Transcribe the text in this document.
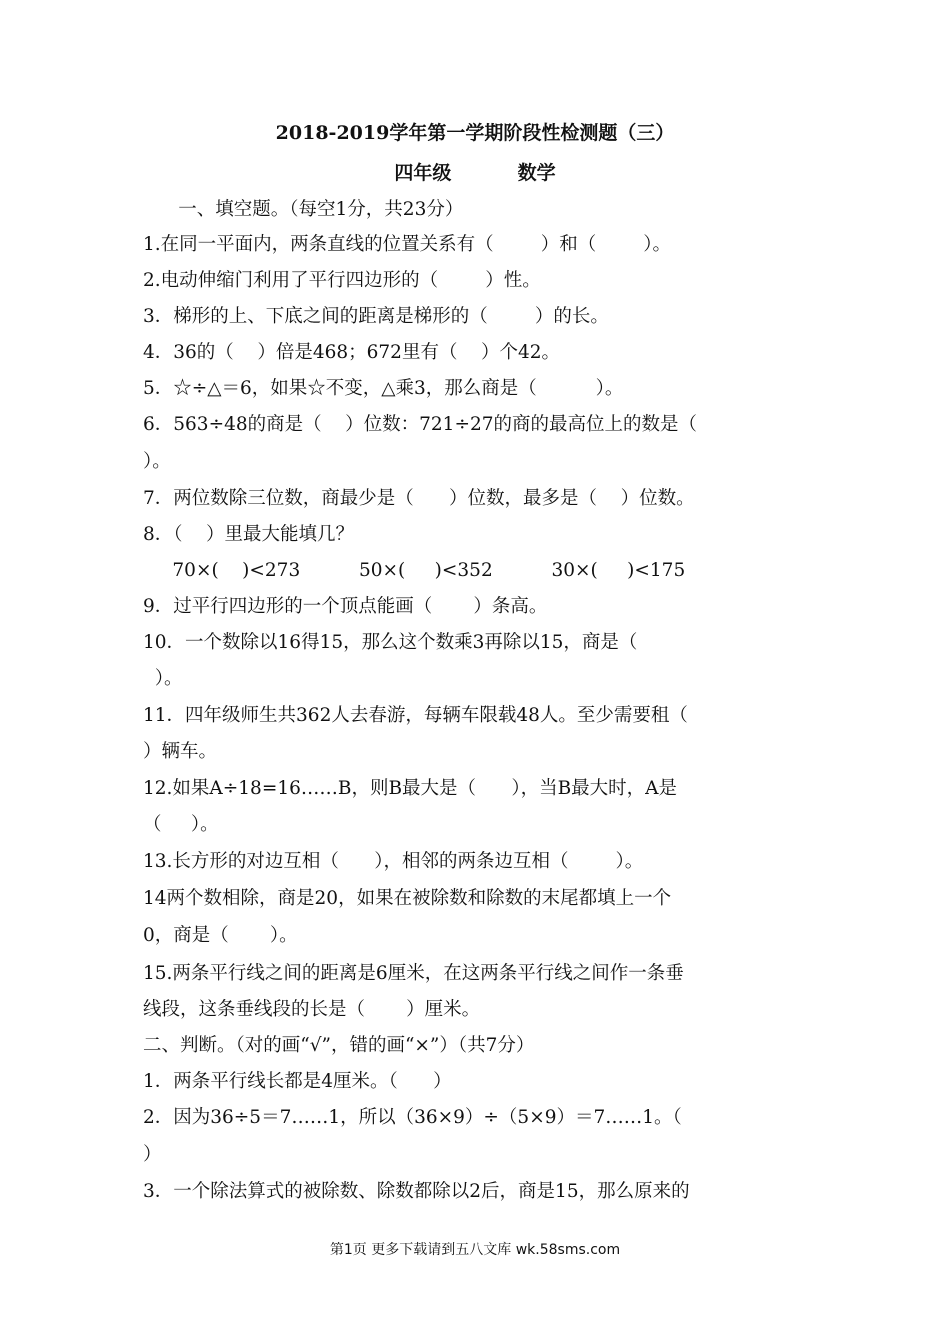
2018-2019学年第一学期阶段性检测题（三）
四年级          数学
一、填空题。（每空1分，共23分）
1.在同一平面内，两条直线的位置关系有（        ）和（        ）。
2.电动伸缩门利用了平行四边形的（        ）性。
3．梯形的上、下底之间的距离是梯形的（        ）的长。
4．36的（    ）倍是468；672里有（    ）个42。
5．☆÷△＝6，如果☆不变，△乘3，那么商是（          ）。
6．563÷48的商是（    ）位数：721÷27的商的最高位上的数是（
）。
7．两位数除三位数，商最少是（      ）位数，最多是（    ）位数。
8．（    ）里最大能填几？
70×(    )<273          50×(     )<352          30×(     )<175
9．过平行四边形的一个顶点能画（       ）条高。
10．一个数除以16得15，那么这个数乘3再除以15，商是（
）。
11．四年级师生共362人去春游，每辆车限载48人。至少需要租（
）辆车。
12.如果A÷18=16……B，则B最大是（      ），当B最大时，A是
（     ）。
13.长方形的对边互相（      ），相邻的两条边互相（        ）。
14两个数相除，商是20，如果在被除数和除数的末尾都填上一个
0，商是（       ）。
15.两条平行线之间的距离是6厘米，在这两条平行线之间作一条垂
线段，这条垂线段的长是（       ）厘米。
二、判断。（对的画“√”，错的画“×”）（共7分）
1．两条平行线长都是4厘米。（      ）
2．因为36÷5＝7……1，所以（36×9）÷（5×9）＝7……1。（
）
3．一个除法算式的被除数、除数都除以2后，商是15，那么原来的
第1页 更多下载请到五八文库 wk.58sms.com
